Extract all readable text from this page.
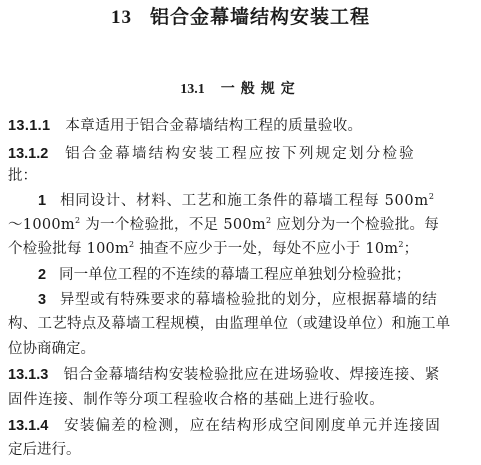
13 铝合金幕墙结构安装工程
13.1 一般规定
13.1.1 本章适用于铝合金幕墙结构工程的质量验收。
13.1.2 铝合金幕墙结构安装工程应按下列规定划分检验
批：
1 相同设计、材料、工艺和施工条件的幕墙工程每 $500m^2$
$\sim 1000m^2$ 为一个检验批，不足 $500m^2$ 应划分为一个检验批。每
个检验批每 $100m^2$ 抽查不应少于一处，每处不应小于 $10m^2$；
2 同一单位工程的不连续的幕墙工程应单独划分检验批；
3 异型或有特殊要求的幕墙检验批的划分，应根据幕墙的结
构、工艺特点及幕墙工程规模，由监理单位（或建设单位）和施工单
位协商确定。
13.1.3 铝合金幕墙结构安装检验批应在进场验收、焊接连接、紧
固件连接、制作等分项工程验收合格的基础上进行验收。
13.1.4 安装偏差的检测，应在结构形成空间刚度单元并连接固
定后进行。
